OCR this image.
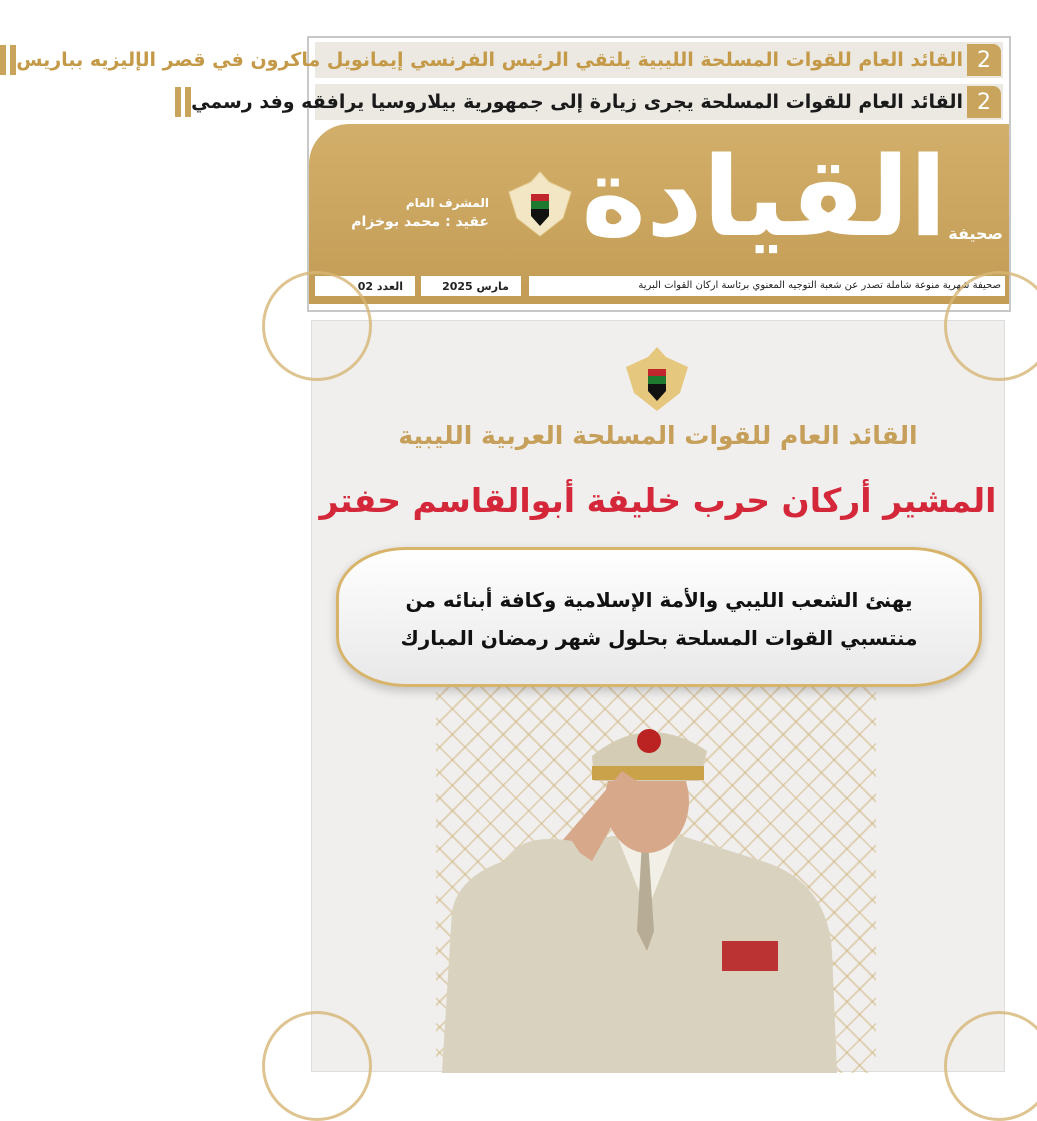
2
القائد العام للقوات المسلحة الليبية يلتقي الرئيس الفرنسي إيمانويل ماكرون في قصر الإليزيه بباريس
2
القائد العام للقوات المسلحة يجرى زيارة إلى جمهورية بيلاروسيا يرافقه وفد رسمي
صحيفة
القيادة
المشرف العام
عقيد : محمد بوخزام
صحيفة شهرية منوعة شاملة تصدر عن شعبة التوجيه المعنوي برئاسة اركان القوات البرية
مارس 2025
العدد 02
القائد العام للقوات المسلحة العربية الليبية
المشير أركان حرب خليفة أبوالقاسم حفتر
يهنئ الشعب الليبي والأمة الإسلامية وكافة أبنائه من
منتسبي القوات المسلحة بحلول شهر رمضان المبارك
